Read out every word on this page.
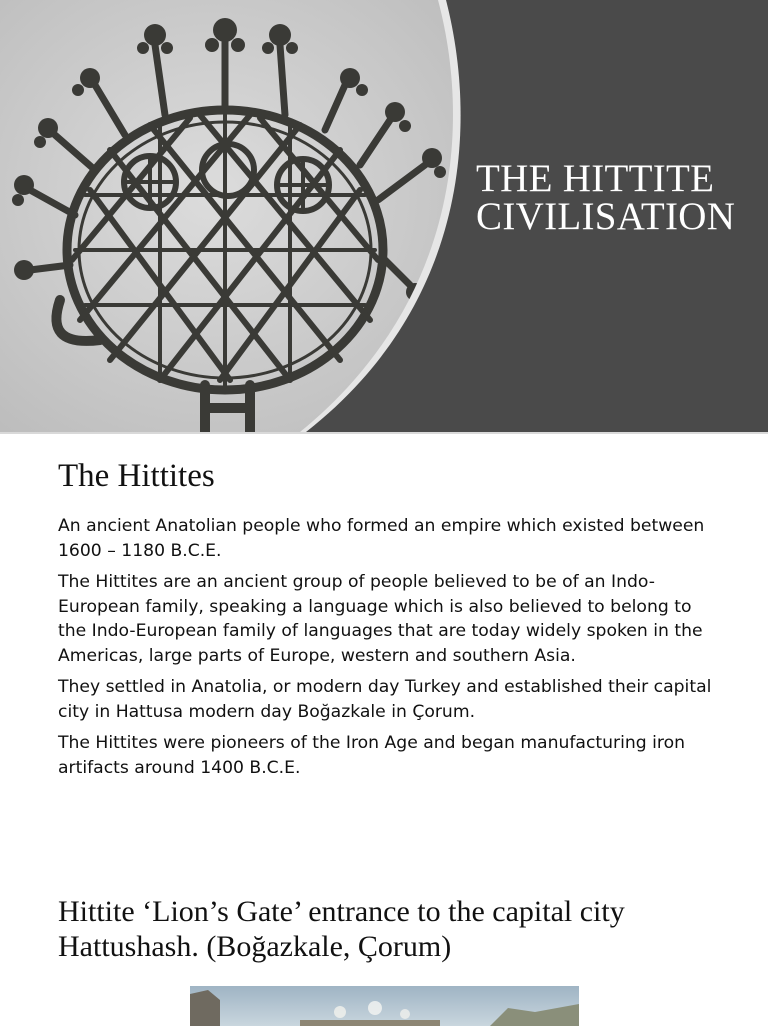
THE HITTITE CIVILISATION
The Hittites

An ancient Anatolian people who formed an empire which existed between 1600 – 1180 B.C.E.

The Hittites are an ancient group of people believed to be of an Indo-European family, speaking a language which is also believed to belong to the Indo-European family of languages that are today widely spoken in the Americas, large parts of Europe, western and southern Asia.

They settled in Anatolia, or modern day Turkey and established their capital city in Hattusa modern day Boğazkale in Çorum.

The Hittites were pioneers of the Iron Age and began manufacturing iron artifacts around 1400 B.C.E.

Hittite ‘Lion’s Gate’ entrance to the capital city Hattushash. (Boğazkale, Çorum)
